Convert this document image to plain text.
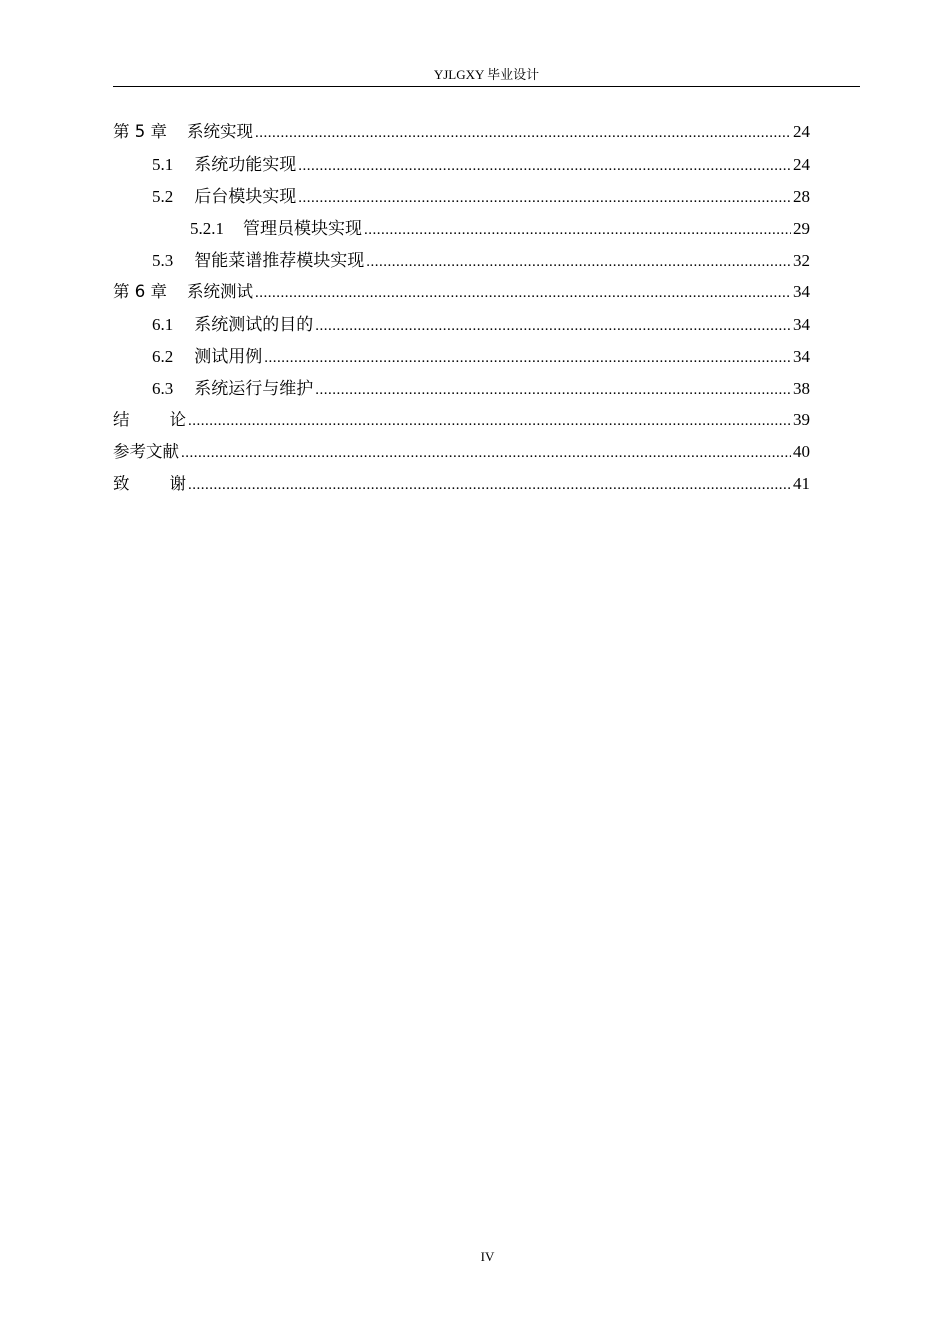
YJLGXY 毕业设计
第 5 章 系统实现 .....	24
5.1 系统功能实现 .....	24
5.2 后台模块实现 .....	28
5.2.1 管理员模块实现 .....	29
5.3 智能菜谱推荐模块实现 .....	32
第 6 章 系统测试 .....	34
6.1 系统测试的目的 .....	34
6.2 测试用例 .....	34
6.3 系统运行与维护 .....	38
结论 .....	39
参考文献 .....	40
致谢 .....	41
IV
